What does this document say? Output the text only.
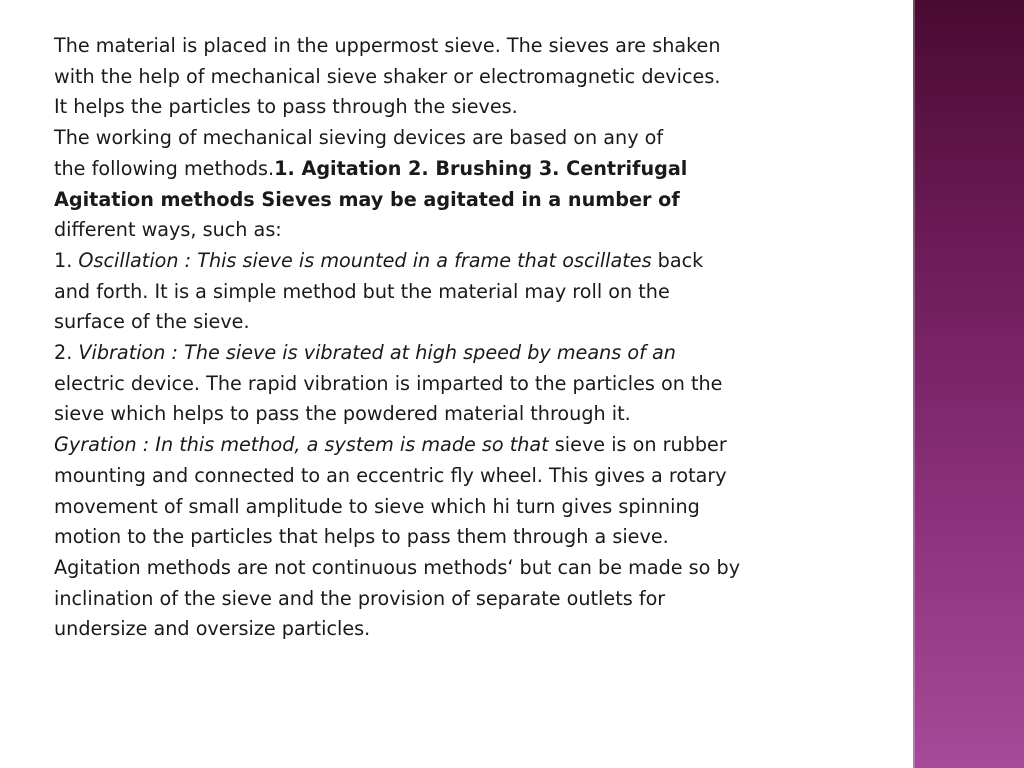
The material is placed in the uppermost sieve. The sieves are shaken
with the help of mechanical sieve shaker or electromagnetic devices.
It helps the particles to pass through the sieves.
The working of mechanical sieving devices are based on any of
the following methods.1. Agitation 2. Brushing 3. Centrifugal
Agitation methods Sieves may be agitated in a number of
different ways, such as:
1. Oscillation : This sieve is mounted in a frame that oscillates back
and forth. It is a simple method but the material may roll on the
surface of the sieve.
2. Vibration : The sieve is vibrated at high speed by means of an
electric device. The rapid vibration is imparted to the particles on the
sieve which helps to pass the powdered material through it.
Gyration : In this method, a system is made so that sieve is on rubber
mounting and connected to an eccentric fly wheel. This gives a rotary
movement of small amplitude to sieve which hi turn gives spinning
motion to the particles that helps to pass them through a sieve.
Agitation methods are not continuous methods‘ but can be made so by
inclination of the sieve and the provision of separate outlets for
undersize and oversize particles.
